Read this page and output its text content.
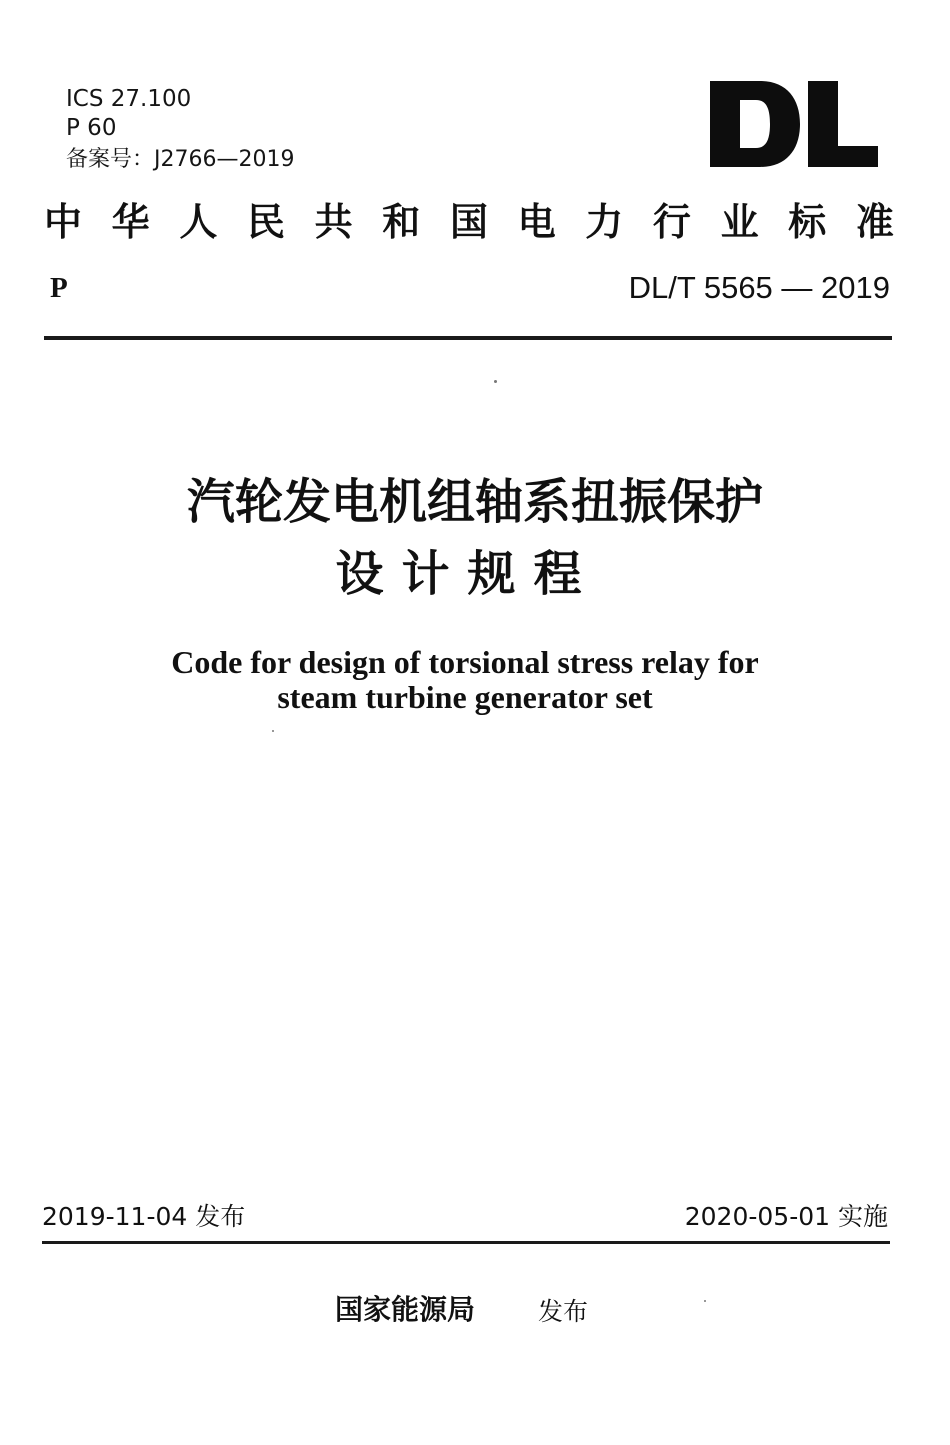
ICS 27.100
P 60
备案号：J2766—2019
中 华 人 民 共 和 国 电 力 行 业 标 准
P	DL/T 5565 — 2019
汽轮发电机组轴系扭振保护
设计规程
Code for design of torsional stress relay for
steam turbine generator set
2019-11-04 发布	2020-05-01 实施
国家能源局	发布
